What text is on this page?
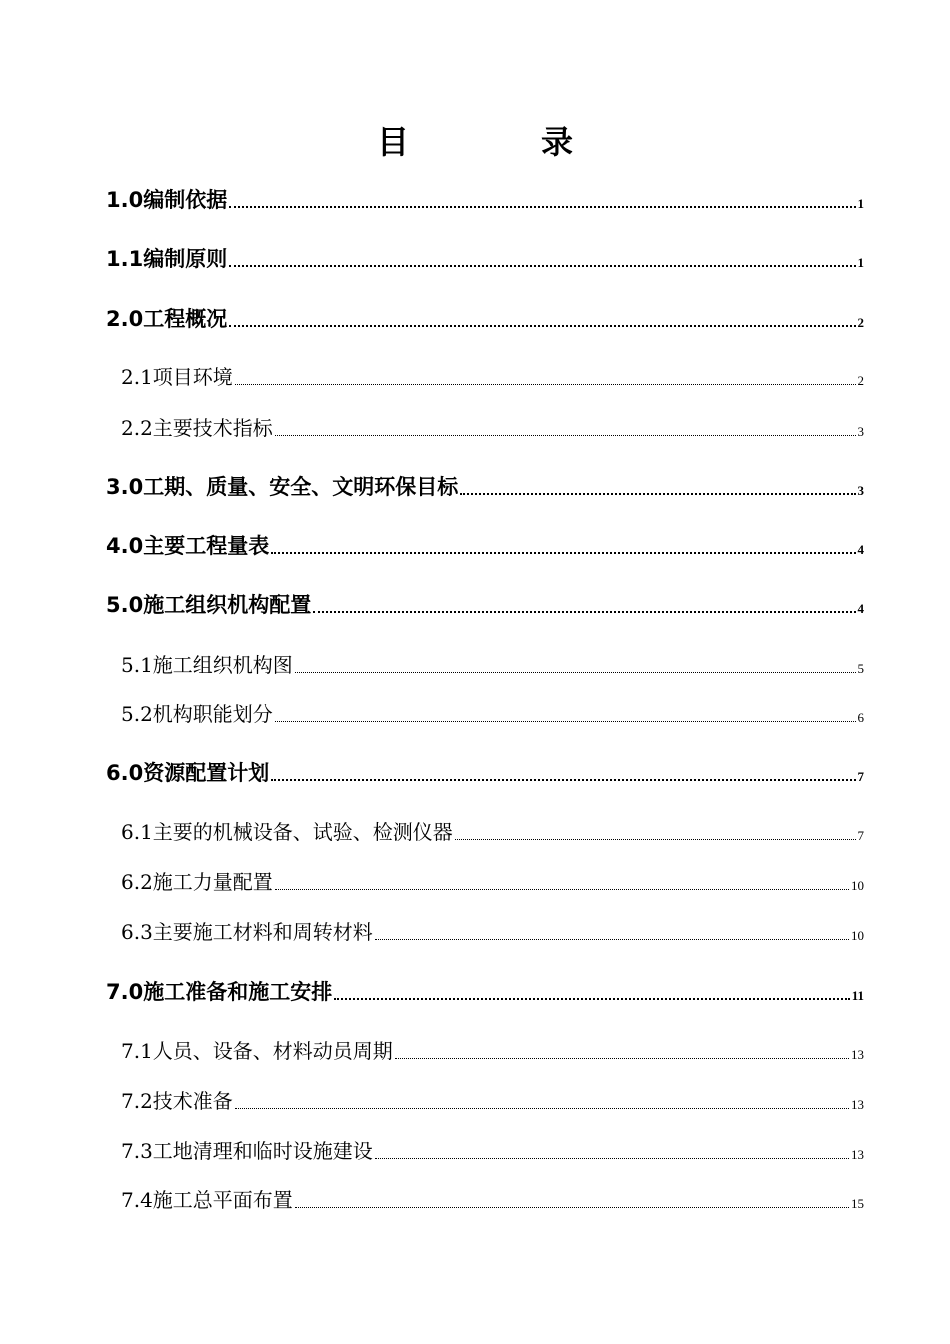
目　录
1.0编制依据	1
1.1编制原则	1
2.0工程概况	2
2.1项目环境	2
2.2主要技术指标	3
3.0工期、质量、安全、文明环保目标	3
4.0主要工程量表	4
5.0施工组织机构配置	4
5.1施工组织机构图	5
5.2机构职能划分	6
6.0资源配置计划	7
6.1主要的机械设备、试验、检测仪器	7
6.2施工力量配置	10
6.3主要施工材料和周转材料	10
7.0施工准备和施工安排	11
7.1人员、设备、材料动员周期	13
7.2技术准备	13
7.3工地清理和临时设施建设	13
7.4施工总平面布置	15
